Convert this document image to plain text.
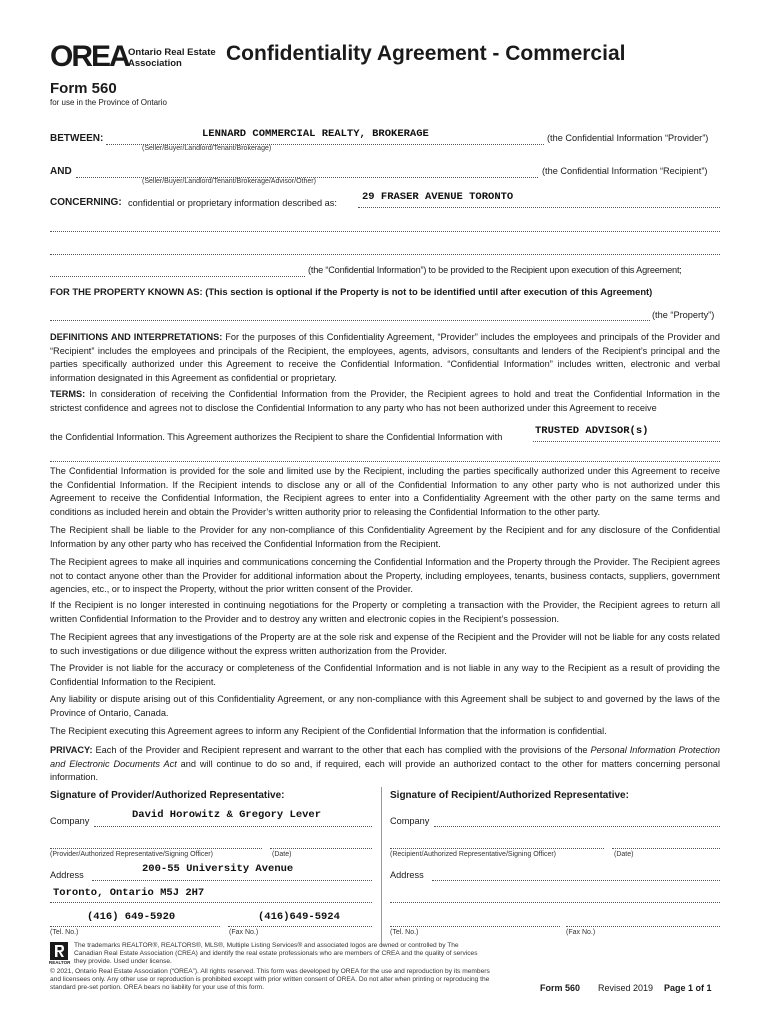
OREA Ontario Real Estate
Association Confidentiality Agreement - Commercial
Form 560
for use in the Province of Ontario
BETWEEN:	LENNARD COMMERCIAL REALTY, BROKERAGE	(the Confidential Information “Provider”)
(Seller/Buyer/Landlord/Tenant/Brokerage)
AND	(the Confidential Information “Recipient”)
(Seller/Buyer/Landlord/Tenant/Brokerage/Advisor/Other)
CONCERNING: confidential or proprietary information described as: 29 FRASER AVENUE TORONTO
(the “Confidential Information”) to be provided to the Recipient upon execution of this Agreement;
FOR THE PROPERTY KNOWN AS: (This section is optional if the Property is not to be identified until after execution of this Agreement)
(the “Property”)
DEFINITIONS AND INTERPRETATIONS: For the purposes of this Confidentiality Agreement, “Provider” includes the employees and principals of the Provider and “Recipient” includes the employees and principals of the Recipient, the employees, agents, advisors, consultants and lenders of the Recipient’s principal and the parties specifically authorized under this Agreement to receive the Confidential Information. “Confidential Information” includes written, electronic and verbal information designated in this Agreement as confidential or proprietary.
TERMS: In consideration of receiving the Confidential Information from the Provider, the Recipient agrees to hold and treat the Confidential Information in the strictest confidence and agrees not to disclose the Confidential Information to any party who has not been authorized under this Agreement to receive
the Confidential Information. This Agreement authorizes the Recipient to share the Confidential Information with	TRUSTED ADVISOR(s)
The Confidential Information is provided for the sole and limited use by the Recipient, including the parties specifically authorized under this Agreement to receive the Confidential Information. If the Recipient intends to disclose any or all of the Confidential Information to any other party who is not authorized under this Agreement to receive the Confidential Information, the Recipient agrees to enter into a Confidentiality Agreement with the other party on the same terms and conditions as included herein and obtain the Provider’s written authority prior to releasing the Confidential Information to the other party.
The Recipient shall be liable to the Provider for any non-compliance of this Confidentiality Agreement by the Recipient and for any disclosure of the Confidential Information by any other party who has received the Confidential Information from the Recipient.
The Recipient agrees to make all inquiries and communications concerning the Confidential Information and the Property through the Provider. The Recipient agrees not to contact anyone other than the Provider for additional information about the Property, including employees, tenants, business contacts, suppliers, government agencies, etc., or to inspect the Property, without the prior written consent of the Provider.
If the Recipient is no longer interested in continuing negotiations for the Property or completing a transaction with the Provider, the Recipient agrees to return all written Confidential Information to the Provider and to destroy any written and electronic copies in the Recipient’s possession.
The Recipient agrees that any investigations of the Property are at the sole risk and expense of the Recipient and the Provider will not be liable for any costs related to such investigations or due diligence without the express written authorization from the Provider.
The Provider is not liable for the accuracy or completeness of the Confidential Information and is not liable in any way to the Recipient as a result of providing the Confidential Information to the Recipient.
Any liability or dispute arising out of this Confidentiality Agreement, or any non-compliance with this Agreement shall be subject to and governed by the laws of the Province of Ontario, Canada.
The Recipient executing this Agreement agrees to inform any Recipient of the Confidential Information that the information is confidential.
PRIVACY: Each of the Provider and Recipient represent and warrant to the other that each has complied with the provisions of the Personal Information Protection and Electronic Documents Act and will continue to do so and, if required, each will provide an authorized contact to the other for matters concerning personal information.
Signature of Provider/Authorized Representative:	Signature of Recipient/Authorized Representative:
Company	David Horowitz & Gregory Lever	Company
(Provider/Authorized Representative/Signing Officer)	(Date)	(Recipient/Authorized Representative/Signing Officer)	(Date)
Address	200-55 University Avenue
Toronto, Ontario M5J 2H7
Address
(416) 649-5920	(416)649-5924
(Tel. No.)	(Fax No.)	(Tel. No.)	(Fax No.)
REALTOR
The trademarks REALTOR®, REALTORS®, MLS®, Multiple Listing Services® and associated logos are owned or controlled by The Canadian Real Estate Association (CREA) and identify the real estate professionals who are members of CREA and the quality of services they provide. Used under license.
© 2021, Ontario Real Estate Association (“OREA”). All rights reserved. This form was developed by OREA for the use and reproduction by its members and licensees only. Any other use or reproduction is prohibited except with prior written consent of OREA. Do not alter when printing or reproducing the standard pre-set portion. OREA bears no liability for your use of this form.	Form 560 Revised 2019 Page 1 of 1
